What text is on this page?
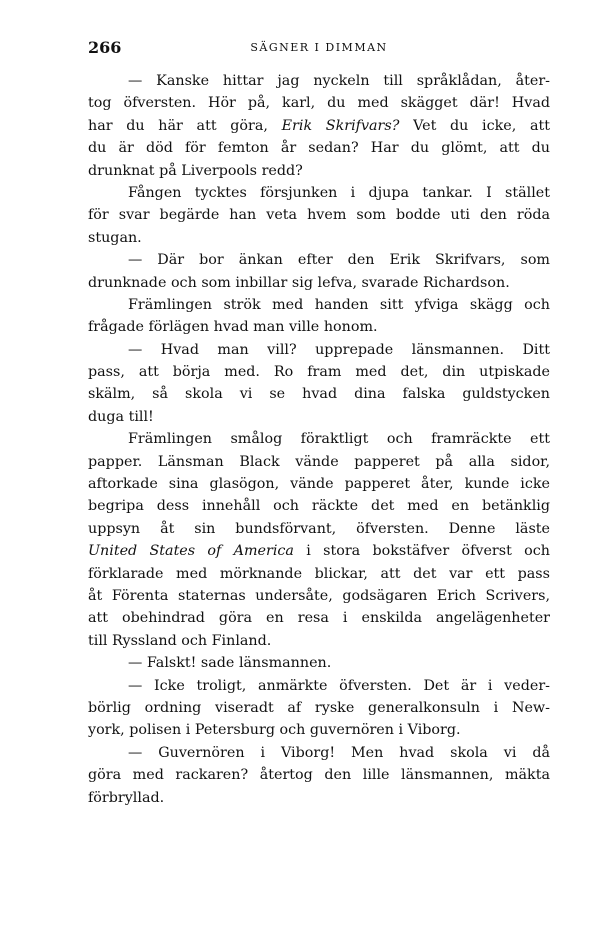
266	SÄGNER I DIMMAN
— Kanske hittar jag nyckeln till språklådan, åter-
tog öfversten. Hör på, karl, du med skägget där! Hvad
har du här att göra, Erik Skrifvars? Vet du icke, att
du är död för femton år sedan? Har du glömt, att du
drunknat på Liverpools redd?
Fången tycktes försjunken i djupa tankar. I stället
för svar begärde han veta hvem som bodde uti den röda
stugan.
— Där bor änkan efter den Erik Skrifvars, som
drunknade och som inbillar sig lefva, svarade Richardson.
Främlingen strök med handen sitt yfviga skägg och
frågade förlägen hvad man ville honom.
— Hvad man vill? upprepade länsmannen. Ditt
pass, att börja med. Ro fram med det, din utpiskade
skälm, så skola vi se hvad dina falska guldstycken
duga till!
Främlingen smålog föraktligt och framräckte ett
papper. Länsman Black vände papperet på alla sidor,
aftorkade sina glasögon, vände papperet åter, kunde icke
begripa dess innehåll och räckte det med en betänklig
uppsyn åt sin bundsförvant, öfversten. Denne läste
United States of America i stora bokstäfver öfverst och
förklarade med mörknande blickar, att det var ett pass
åt Förenta staternas undersåte, godsägaren Erich Scrivers,
att obehindrad göra en resa i enskilda angelägenheter
till Ryssland och Finland.
— Falskt! sade länsmannen.
— Icke troligt, anmärkte öfversten. Det är i veder-
börlig ordning viseradt af ryske generalkonsuln i New-
york, polisen i Petersburg och guvernören i Viborg.
— Guvernören i Viborg! Men hvad skola vi då
göra med rackaren? återtog den lille länsmannen, mäkta
förbryllad.
